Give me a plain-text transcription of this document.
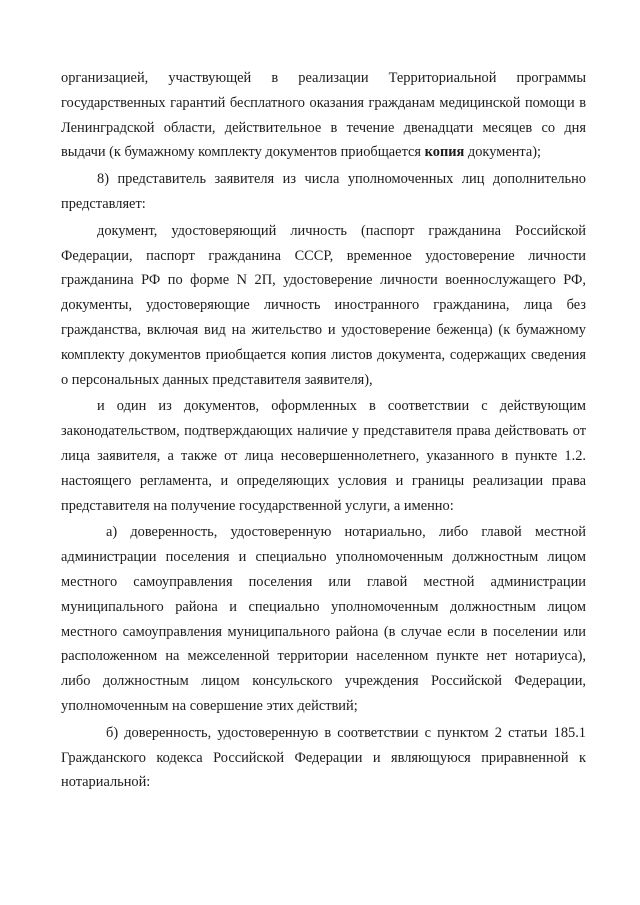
организацией, участвующей в реализации Территориальной программы государственных гарантий бесплатного оказания гражданам медицинской помощи в Ленинградской области, действительное в течение двенадцати месяцев со дня выдачи (к бумажному комплекту документов приобщается копия документа);

8) представитель заявителя из числа уполномоченных лиц дополнительно представляет:

документ, удостоверяющий личность (паспорт гражданина Российской Федерации, паспорт гражданина СССР, временное удостоверение личности гражданина РФ по форме N 2П, удостоверение личности военнослужащего РФ, документы, удостоверяющие личность иностранного гражданина, лица без гражданства, включая вид на жительство и удостоверение беженца) (к бумажному комплекту документов приобщается копия листов документа, содержащих сведения о персональных данных представителя заявителя),

и один из документов, оформленных в соответствии с действующим законодательством, подтверждающих наличие у представителя права действовать от лица заявителя, а также от лица несовершеннолетнего, указанного в пункте 1.2. настоящего регламента, и определяющих условия и границы реализации права представителя на получение государственной услуги, а именно:

а) доверенность, удостоверенную нотариально, либо главой местной администрации поселения и специально уполномоченным должностным лицом местного самоуправления поселения или главой местной администрации муниципального района и специально уполномоченным должностным лицом местного самоуправления муниципального района (в случае если в поселении или расположенном на межселенной территории населенном пункте нет нотариуса), либо должностным лицом консульского учреждения Российской Федерации, уполномоченным на совершение этих действий;

б) доверенность, удостоверенную в соответствии с пунктом 2 статьи 185.1 Гражданского кодекса Российской Федерации и являющуюся приравненной к нотариальной:
